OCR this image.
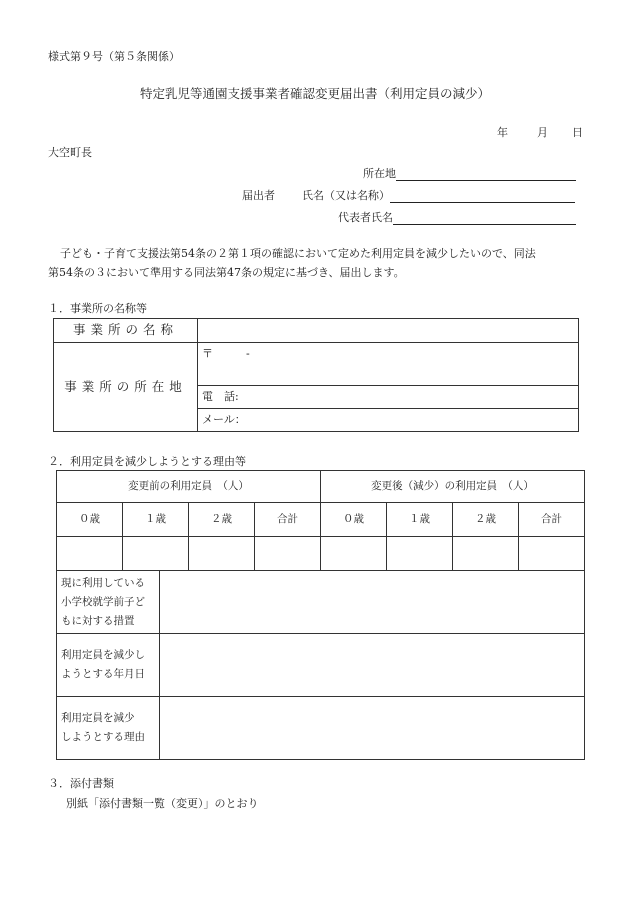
様式第９号（第５条関係）
特定乳児等通園支援事業者確認変更届出書（利用定員の減少）
年	月 日
大空町長
所在地
届出者 氏名（又は名称）
代表者氏名
子ども・子育て支援法第54条の２第１項の確認において定めた利用定員を減少したいので、同法
第54条の３において準用する同法第47条の規定に基づき、届出します。
１．事業所の名称等
事業所の名称	
事業所の所在地	〒　　　-
	電　話:
	メール：
２．利用定員を減少しようとする理由等
変更前の利用定員　（人）					変更後（減少）の利用定員　（人）			
０歳	１歳		２歳	合計	０歳	１歳	２歳	合計

現に利用している
小学校就学前子ど
もに対する措置								
利用定員を減少し
ようとする年月日								
利用定員を減少
しようとする理由								
３．添付書類
別紙「添付書類一覧（変更）」のとおり
